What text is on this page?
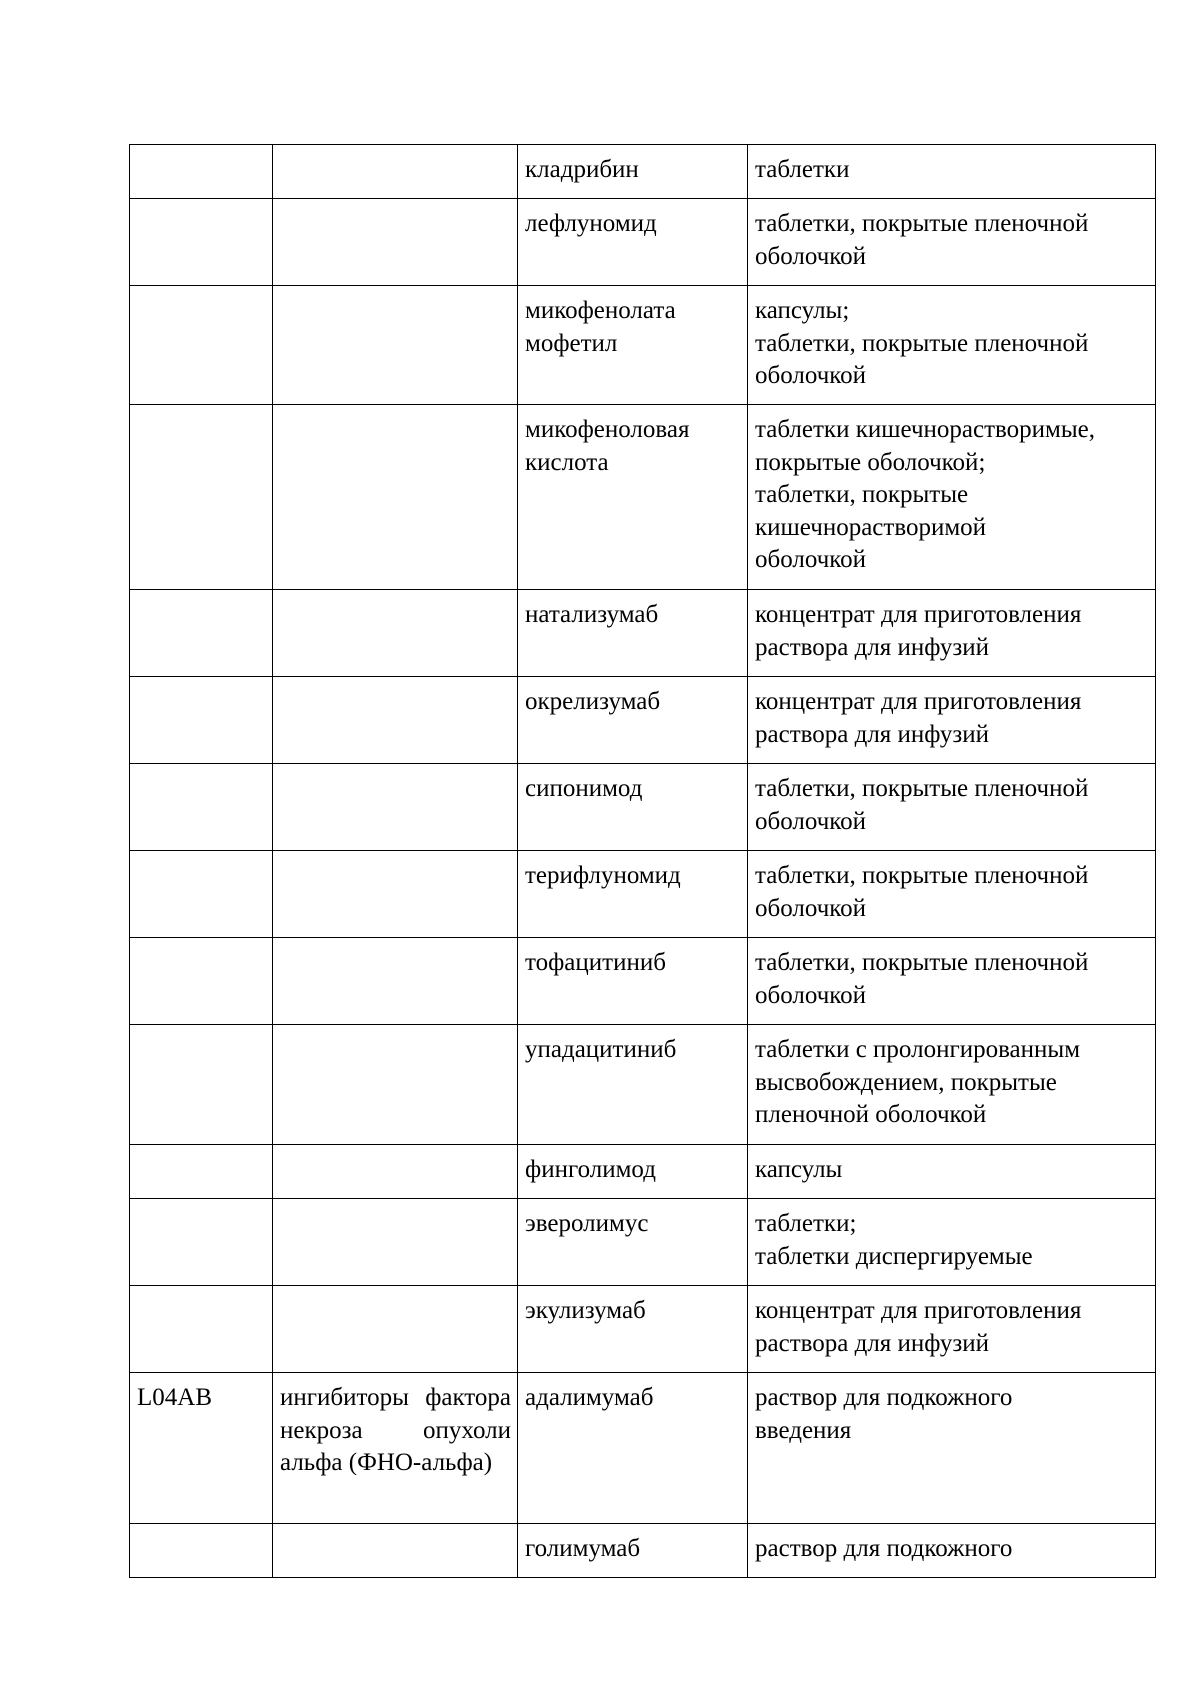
		кладрибин	таблетки

		лефлуномид	таблетки, покрытые пленочной
оболочкой

		микофенолата мофетил	капсулы;
таблетки, покрытые пленочной
оболочкой

		микофеноловая кислота	таблетки кишечнорастворимые,
покрытые оболочкой;
таблетки, покрытые
кишечнорастворимой
оболочкой

		натализумаб	концентрат для приготовления
раствора для инфузий

		окрелизумаб	концентрат для приготовления
раствора для инфузий

		сипонимод	таблетки, покрытые пленочной
оболочкой

		терифлуномид	таблетки, покрытые пленочной
оболочкой

		тофацитиниб	таблетки, покрытые пленочной
оболочкой

		упадацитиниб	таблетки с пролонгированным
высвобождением, покрытые
пленочной оболочкой

		финголимод	капсулы

		эверолимус	таблетки;
таблетки диспергируемые

		экулизумаб	концентрат для приготовления
раствора для инфузий

L04AB	ингибиторы фактора некроза опухоли альфа (ФНО-альфа)	адалимумаб	раствор для подкожного
введения

		голимумаб	раствор для подкожного
